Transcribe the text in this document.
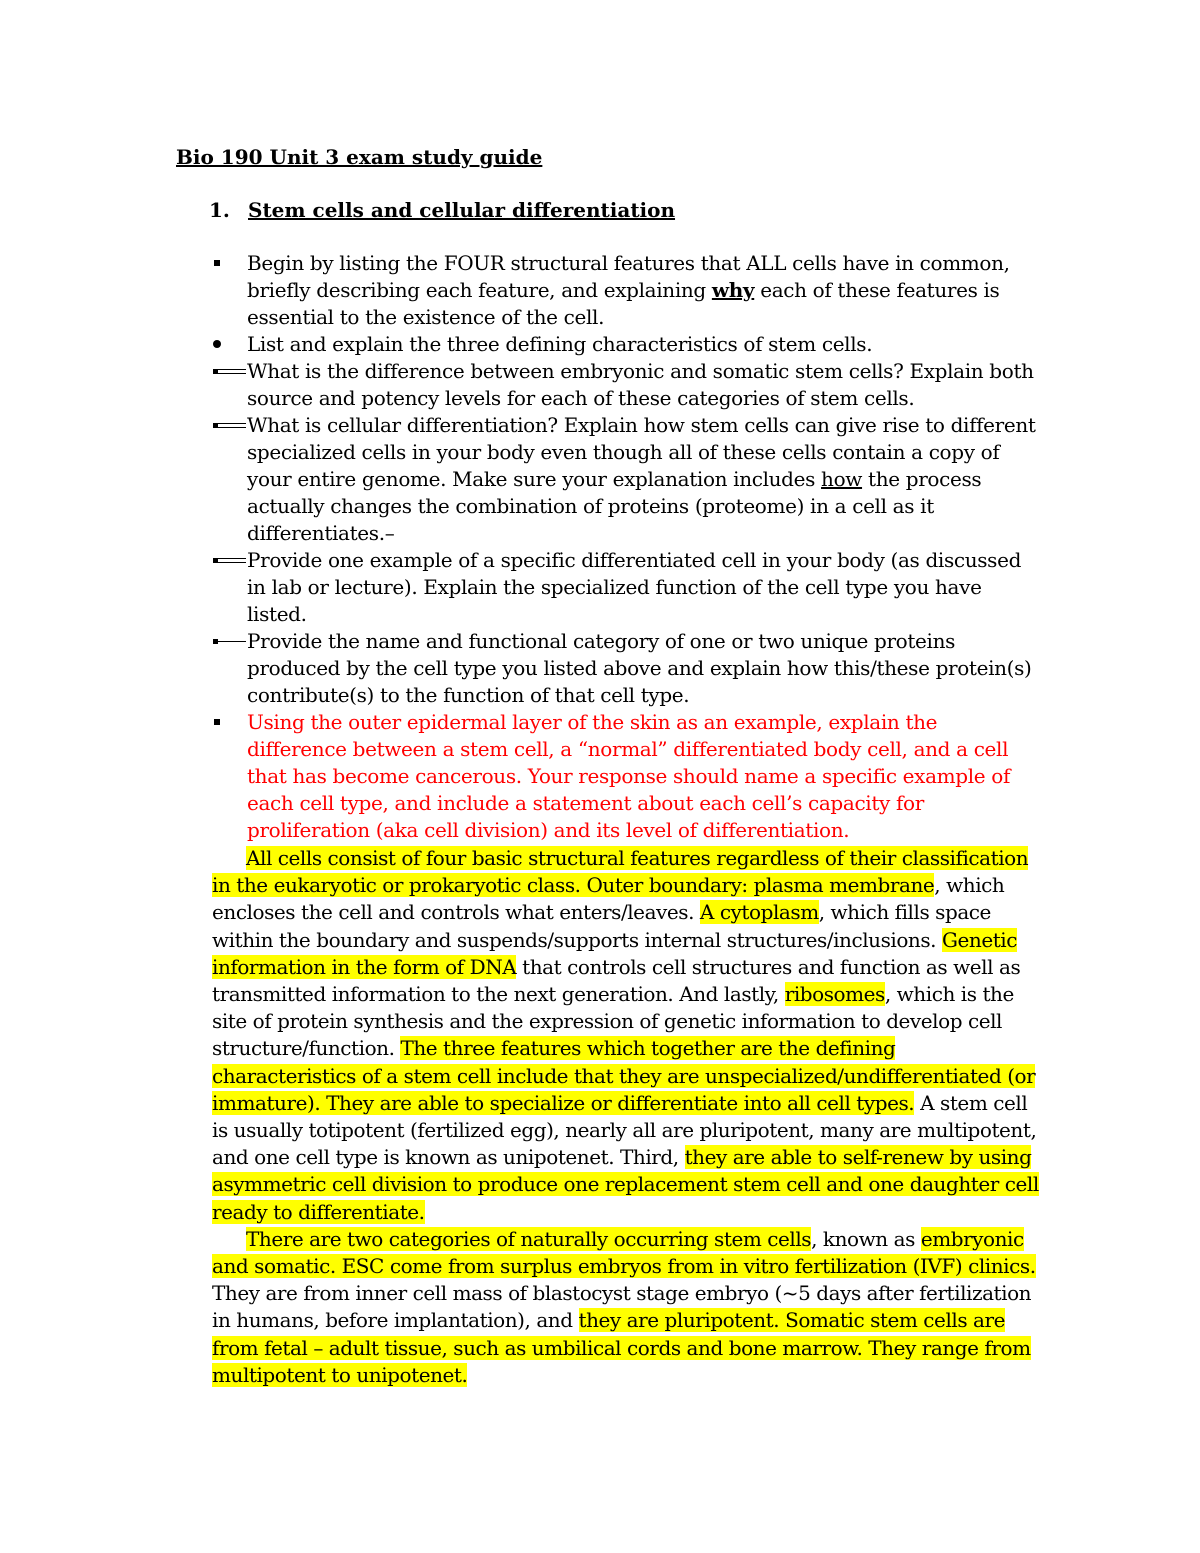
Bio 190 Unit 3 exam study guide
1. Stem cells and cellular differentiation
Begin by listing the FOUR structural features that ALL cells have in common, briefly describing each feature, and explaining why each of these features is essential to the existence of the cell.
List and explain the three defining characteristics of stem cells.
What is the difference between embryonic and somatic stem cells? Explain both source and potency levels for each of these categories of stem cells.
What is cellular differentiation? Explain how stem cells can give rise to different specialized cells in your body even though all of these cells contain a copy of your entire genome. Make sure your explanation includes how the process actually changes the combination of proteins (proteome) in a cell as it differentiates.–
Provide one example of a specific differentiated cell in your body (as discussed in lab or lecture). Explain the specialized function of the cell type you have listed.
Provide the name and functional category of one or two unique proteins produced by the cell type you listed above and explain how this/these protein(s) contribute(s) to the function of that cell type.
Using the outer epidermal layer of the skin as an example, explain the difference between a stem cell, a “normal” differentiated body cell, and a cell that has become cancerous. Your response should name a specific example of each cell type, and include a statement about each cell’s capacity for proliferation (aka cell division) and its level of differentiation.

All cells consist of four basic structural features regardless of their classification in the eukaryotic or prokaryotic class. Outer boundary: plasma membrane, which encloses the cell and controls what enters/leaves. A cytoplasm, which fills space within the boundary and suspends/supports internal structures/inclusions. Genetic information in the form of DNA that controls cell structures and function as well as transmitted information to the next generation. And lastly, ribosomes, which is the site of protein synthesis and the expression of genetic information to develop cell structure/function. The three features which together are the defining characteristics of a stem cell include that they are unspecialized/undifferentiated (or immature). They are able to specialize or differentiate into all cell types. A stem cell is usually totipotent (fertilized egg), nearly all are pluripotent, many are multipotent, and one cell type is known as unipotenet. Third, they are able to self-renew by using asymmetric cell division to produce one replacement stem cell and one daughter cell ready to differentiate.

There are two categories of naturally occurring stem cells, known as embryonic and somatic. ESC come from surplus embryos from in vitro fertilization (IVF) clinics. They are from inner cell mass of blastocyst stage embryo (~5 days after fertilization in humans, before implantation), and they are pluripotent. Somatic stem cells are from fetal – adult tissue, such as umbilical cords and bone marrow. They range from multipotent to unipotenet.
